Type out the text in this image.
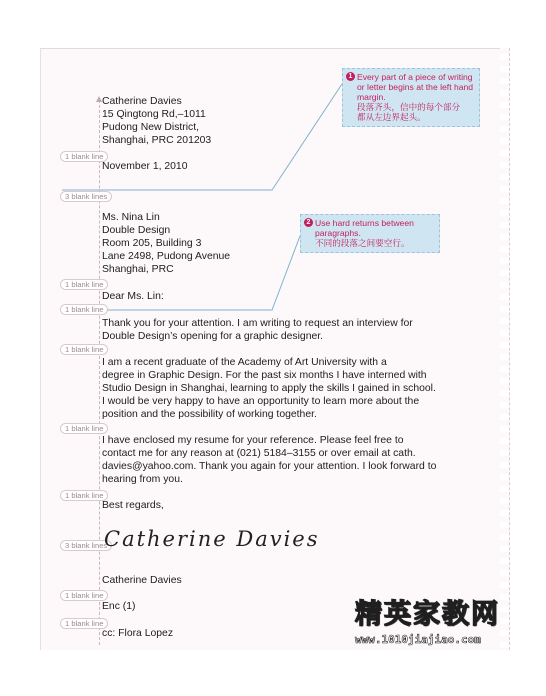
Catherine Davies
15 Qingtong Rd,–1011
Pudong New District,
Shanghai, PRC 201203
1 blank line
November 1, 2010
3 blank lines
Ms. Nina Lin
Double Design
Room 205, Building 3
Lane 2498, Pudong Avenue
Shanghai, PRC
1 blank line
Dear Ms. Lin:
1 blank line
Thank you for your attention. I am writing to request an interview for
Double Design’s opening for a graphic designer.
1 blank line
I am a recent graduate of the Academy of Art University with a
degree in Graphic Design. For the past six months I have interned with
Studio Design in Shanghai, learning to apply the skills I gained in school.
I would be very happy to have an opportunity to learn more about the
position and the possibility of working together.
1 blank line
I have enclosed my resume for your reference. Please feel free to
contact me for any reason at (021) 5184–3155 or over email at cath.
davies@yahoo.com. Thank you again for your attention. I look forward to
hearing from you.
1 blank line
Best regards,
3 blank lines
Catherine Davies
Catherine Davies
1 blank line
Enc (1)
1 blank line
cc: Flora Lopez
1 Every part of a piece of writing or letter begins at the left hand margin.
段落齐头，信中的每个部分
都从左边界起头。
2 Use hard returns between paragraphs.
不同的段落之间要空行。
精英家教网
www.1010jiajiao.com
